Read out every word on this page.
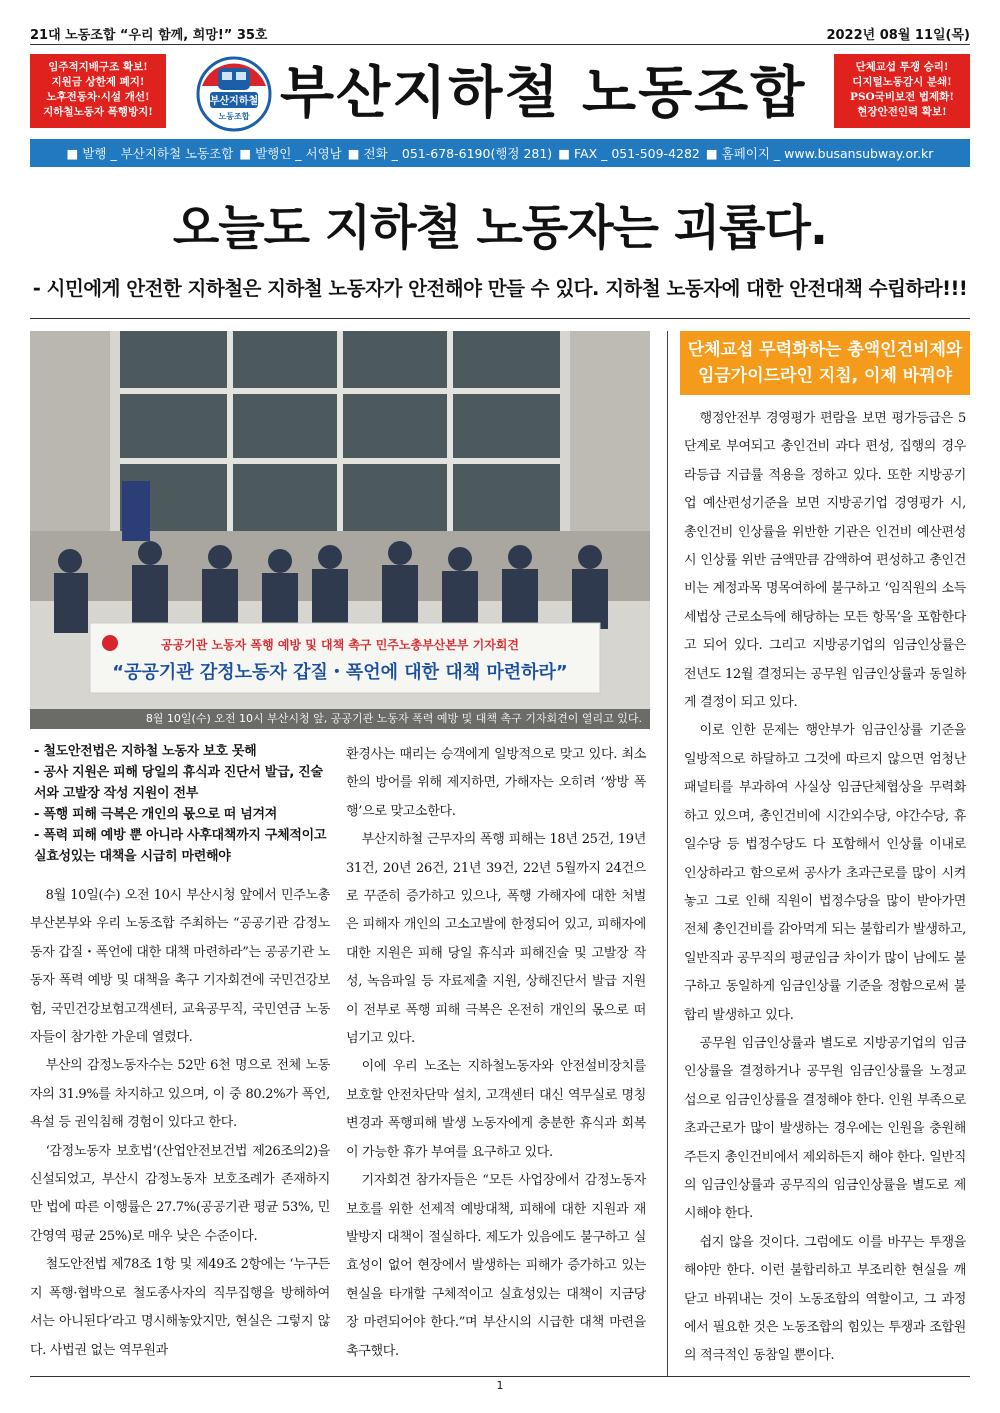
21대 노동조합 “우리 함께, 희망!” 35호	2022년 08월 11일(목)
임주적지배구조 확보!
지원금 상한제 폐지!
노후전동차·시설 개선!
지하철노동자 폭행방지!
부산지하철
노동조합 부산지하철 노동조합	단체교섭 투쟁 승리!
디지털노동감시 분쇄!
PSO국비보전 법제화!
현장안전인력 확보!
■ 발행 _ 부산지하철 노동조합 ■ 발행인 _ 서영남 ■ 전화 _ 051-678-6190(행정 281) ■ FAX _ 051-509-4282 ■ 홈페이지 _ www.busansubway.or.kr
오늘도 지하철 노동자는 괴롭다.
- 시민에게 안전한 지하철은 지하철 노동자가 안전해야 만들 수 있다. 지하철 노동자에 대한 안전대책 수립하라!!!
공공기관 노동자 폭행 예방 및 대책 촉구 민주노총부산본부 기자회견
“공공기관 감정노동자 갑질・폭언에 대한 대책 마련하라”
8월 10일(수) 오전 10시 부산시청 앞, 공공기관 노동자 폭력 예방 및 대책 촉구 기자회견이 열리고 있다.
단체교섭 무력화하는 총액인건비제와
임금가이드라인 지침, 이제 바꿔야

행정안전부 경영평가 편람을 보면 평가등급은 5단계로 부여되고 총인건비 과다 편성, 집행의 경우 라등급 지급률 적용을 정하고 있다. 또한 지방공기업 예산편성기준을 보면 지방공기업 경영평가 시, 총인건비 인상률을 위반한 기관은 인건비 예산편성 시 인상률 위반 금액만큼 감액하여 편성하고 총인건비는 계정과목 명목여하에 불구하고 ‘임직원의 소득세법상 근로소득에 해당하는 모든 항목’을 포함한다고 되어 있다. 그리고 지방공기업의 임금인상률은 전년도 12월 결정되는 공무원 임금인상률과 동일하게 결정이 되고 있다.

이로 인한 문제는 행안부가 임금인상률 기준을 일방적으로 하달하고 그것에 따르지 않으면 엄청난 패널티를 부과하여 사실상 임금단체협상을 무력화하고 있으며, 총인건비에 시간외수당, 야간수당, 휴일수당 등 법정수당도 다 포함해서 인상률 이내로 인상하라고 함으로써 공사가 초과근로를 많이 시켜 놓고 그로 인해 직원이 법정수당을 많이 받아가면 전체 총인건비를 갉아먹게 되는 불합리가 발생하고, 일반직과 공무직의 평균임금 차이가 많이 남에도 불구하고 동일하게 임금인상률 기준을 정함으로써 불합리 발생하고 있다.

공무원 임금인상률과 별도로 지방공기업의 임금인상률을 결정하거나 공무원 임금인상률을 노정교섭으로 임금인상률을 결정해야 한다. 인원 부족으로 초과근로가 많이 발생하는 경우에는 인원을 충원해주든지 총인건비에서 제외하든지 해야 한다. 일반직의 임금인상률과 공무직의 임금인상률을 별도로 제시해야 한다.

쉽지 않을 것이다. 그럼에도 이를 바꾸는 투쟁을 해야만 한다. 이런 불합리하고 부조리한 현실을 깨닫고 바꿔내는 것이 노동조합의 역할이고, 그 과정에서 필요한 것은 노동조합의 힘있는 투쟁과 조합원의 적극적인 동참일 뿐이다.

- 철도안전법은 지하철 노동자 보호 못해
- 공사 지원은 피해 당일의 휴식과 진단서 발급, 진술서와 고발장 작성 지원이 전부
- 폭행 피해 극복은 개인의 몫으로 떠 넘겨져
- 폭력 피해 예방 뿐 아니라 사후대책까지 구체적이고 실효성있는 대책을 시급히 마련해야

8월 10일(수) 오전 10시 부산시청 앞에서 민주노총부산본부와 우리 노동조합 주최하는 “공공기관 감정노동자 갑질・폭언에 대한 대책 마련하라”는 공공기관 노동자 폭력 예방 및 대책을 촉구 기자회견에 국민건강보험, 국민건강보험고객센터, 교육공무직, 국민연금 노동자들이 참가한 가운데 열렸다.

부산의 감정노동자수는 52만 6천 명으로 전체 노동자의 31.9%를 차지하고 있으며, 이 중 80.2%가 폭언, 욕설 등 권익침해 경험이 있다고 한다.

‘감정노동자 보호법’(산업안전보건법 제26조의2)을 신설되었고, 부산시 감정노동자 보호조례가 존재하지만 법에 따른 이행률은 27.7%(공공기관 평균 53%, 민간영역 평균 25%)로 매우 낮은 수준이다.

철도안전법 제78조 1항 및 제49조 2항에는 ‘누구든지 폭행·협박으로 철도종사자의 직무집행을 방해하여서는 아니된다’라고 명시해놓았지만, 현실은 그렇지 않다. 사법권 없는 역무원과

환경사는 때리는 승객에게 일방적으로 맞고 있다. 최소한의 방어를 위해 제지하면, 가해자는 오히려 ‘쌍방 폭행’으로 맞고소한다.

부산지하철 근무자의 폭행 피해는 18년 25건, 19년 31건, 20년 26건, 21년 39건, 22년 5월까지 24건으로 꾸준히 증가하고 있으나, 폭행 가해자에 대한 처벌은 피해자 개인의 고소고발에 한정되어 있고, 피해자에 대한 지원은 피해 당일 휴식과 피해진술 및 고발장 작성, 녹음파일 등 자료제출 지원, 상해진단서 발급 지원이 전부로 폭행 피해 극복은 온전히 개인의 몫으로 떠넘기고 있다.

이에 우리 노조는 지하철노동자와 안전설비장치를 보호할 안전차단막 설치, 고객센터 대신 역무실로 명칭 변경과 폭행피해 발생 노동자에게 충분한 휴식과 회복이 가능한 휴가 부여를 요구하고 있다.

기자회견 참가자들은 “모든 사업장에서 감정노동자 보호를 위한 선제적 예방대책, 피해에 대한 지원과 재발방지 대책이 절실하다. 제도가 있음에도 불구하고 실효성이 없어 현장에서 발생하는 피해가 증가하고 있는 현실을 타개할 구체적이고 실효성있는 대책이 지금당장 마련되어야 한다.”며 부산시의 시급한 대책 마련을 촉구했다.

1
